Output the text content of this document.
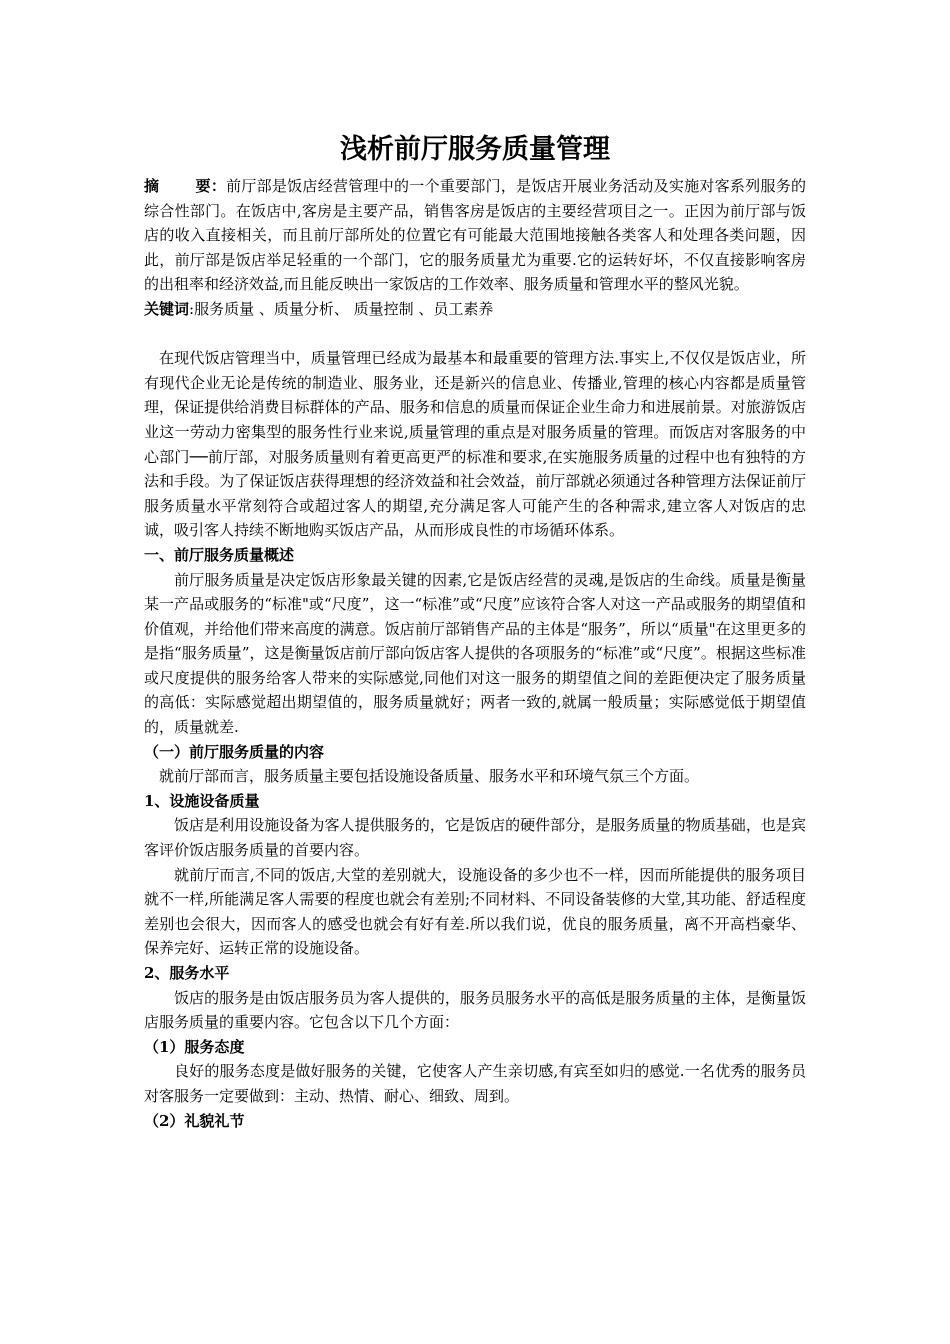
浅析前厅服务质量管理

摘 要：前厅部是饭店经营管理中的一个重要部门，是饭店开展业务活动及实施对客系列服务的综合性部门。在饭店中,客房是主要产品，销售客房是饭店的主要经营项目之一。正因为前厅部与饭店的收入直接相关，而且前厅部所处的位置它有可能最大范围地接触各类客人和处理各类问题，因此，前厅部是饭店举足轻重的一个部门，它的服务质量尤为重要.它的运转好坏，不仅直接影响客房的出租率和经济效益,而且能反映出一家饭店的工作效率、服务质量和管理水平的整风光貌。

关键词:服务质量 、质量分析、 质量控制 、员工素养

在现代饭店管理当中，质量管理已经成为最基本和最重要的管理方法.事实上,不仅仅是饭店业，所有现代企业无论是传统的制造业、服务业，还是新兴的信息业、传播业,管理的核心内容都是质量管理，保证提供给消费目标群体的产品、服务和信息的质量而保证企业生命力和进展前景。对旅游饭店业这一劳动力密集型的服务性行业来说,质量管理的重点是对服务质量的管理。而饭店对客服务的中心部门──前厅部，对服务质量则有着更高更严的标准和要求,在实施服务质量的过程中也有独特的方法和手段。为了保证饭店获得理想的经济效益和社会效益，前厅部就必须通过各种管理方法保证前厅服务质量水平常刻符合或超过客人的期望,充分满足客人可能产生的各种需求,建立客人对饭店的忠诚，吸引客人持续不断地购买饭店产品，从而形成良性的市场循环体系。

一、前厅服务质量概述

前厅服务质量是决定饭店形象最关键的因素,它是饭店经营的灵魂,是饭店的生命线。质量是衡量某一产品或服务的“标准"或“尺度”，这一“标准”或“尺度”应该符合客人对这一产品或服务的期望值和价值观，并给他们带来高度的满意。饭店前厅部销售产品的主体是“服务”，所以“质量"在这里更多的是指“服务质量”，这是衡量饭店前厅部向饭店客人提供的各项服务的“标准”或“尺度”。根据这些标准或尺度提供的服务给客人带来的实际感觉,同他们对这一服务的期望值之间的差距便决定了服务质量的高低：实际感觉超出期望值的，服务质量就好；两者一致的,就属一般质量；实际感觉低于期望值的，质量就差.

（一）前厅服务质量的内容

就前厅部而言，服务质量主要包括设施设备质量、服务水平和环境气氛三个方面。

1、设施设备质量

饭店是利用设施设备为客人提供服务的，它是饭店的硬件部分，是服务质量的物质基础，也是宾客评价饭店服务质量的首要内容。

就前厅而言,不同的饭店,大堂的差别就大，设施设备的多少也不一样，因而所能提供的服务项目就不一样,所能满足客人需要的程度也就会有差别;不同材料、不同设备装修的大堂,其功能、舒适程度差别也会很大，因而客人的感受也就会有好有差.所以我们说，优良的服务质量，离不开高档豪华、保养完好、运转正常的设施设备。

2、服务水平

饭店的服务是由饭店服务员为客人提供的，服务员服务水平的高低是服务质量的主体，是衡量饭店服务质量的重要内容。它包含以下几个方面：

（1）服务态度

良好的服务态度是做好服务的关键，它使客人产生亲切感,有宾至如归的感觉.一名优秀的服务员对客服务一定要做到：主动、热情、耐心、细致、周到。

（2）礼貌礼节
